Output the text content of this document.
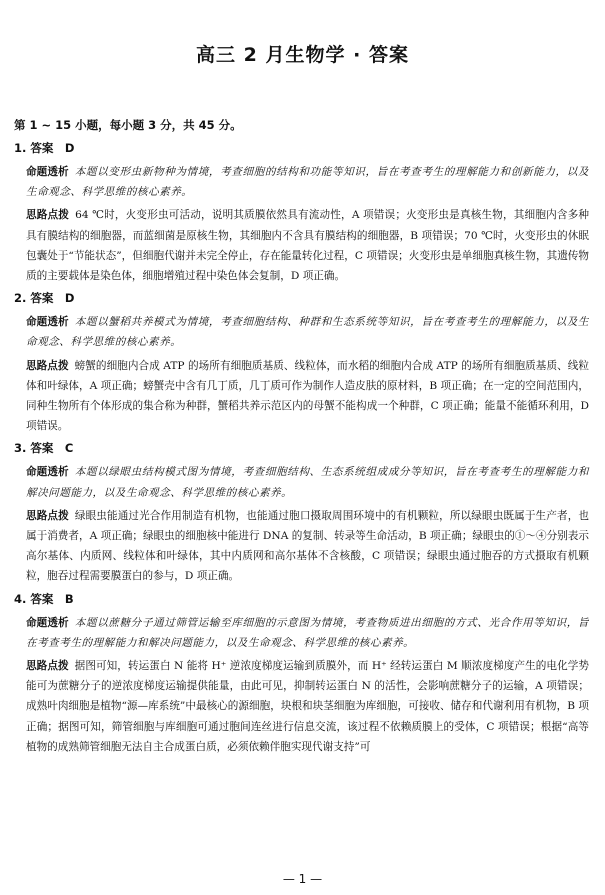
高三 2 月生物学 · 答案
第 1 ~ 15 小题，每小题 3 分，共 45 分。
1. 答案　D

命题透析 本题以变形虫新物种为情境，考查细胞的结构和功能等知识，旨在考查考生的理解能力和创新能力，以及生命观念、科学思维的核心素养。

思路点拨 64 ℃时，火变形虫可活动，说明其质膜依然具有流动性，A 项错误；火变形虫是真核生物，其细胞内含多种具有膜结构的细胞器，而蓝细菌是原核生物，其细胞内不含具有膜结构的细胞器，B 项错误；70 ℃时，火变形虫的休眠包囊处于“节能状态”，但细胞代谢并未完全停止，存在能量转化过程，C 项错误；火变形虫是单细胞真核生物，其遗传物质的主要载体是染色体，细胞增殖过程中染色体会复制，D 项正确。

2. 答案　D

命题透析 本题以蟹稻共养模式为情境，考查细胞结构、种群和生态系统等知识，旨在考查考生的理解能力，以及生命观念、科学思维的核心素养。

思路点拨 螃蟹的细胞内合成 ATP 的场所有细胞质基质、线粒体，而水稻的细胞内合成 ATP 的场所有细胞质基质、线粒体和叶绿体，A 项正确；螃蟹壳中含有几丁质，几丁质可作为制作人造皮肤的原材料，B 项正确；在一定的空间范围内，同种生物所有个体形成的集合称为种群，蟹稻共养示范区内的母蟹不能构成一个种群，C 项正确；能量不能循环利用，D 项错误。

3. 答案　C

命题透析 本题以绿眼虫结构模式图为情境，考查细胞结构、生态系统组成成分等知识，旨在考查考生的理解能力和解决问题能力，以及生命观念、科学思维的核心素养。

思路点拨 绿眼虫能通过光合作用制造有机物，也能通过胞口摄取周围环境中的有机颗粒，所以绿眼虫既属于生产者，也属于消费者，A 项正确；绿眼虫的细胞核中能进行 DNA 的复制、转录等生命活动，B 项正确；绿眼虫的①～④分别表示高尔基体、内质网、线粒体和叶绿体，其中内质网和高尔基体不含核酸，C 项错误；绿眼虫通过胞吞的方式摄取有机颗粒，胞吞过程需要膜蛋白的参与，D 项正确。

4. 答案　B

命题透析 本题以蔗糖分子通过筛管运输至库细胞的示意图为情境，考查物质进出细胞的方式、光合作用等知识，旨在考查考生的理解能力和解决问题能力，以及生命观念、科学思维的核心素养。

思路点拨 据图可知，转运蛋白 N 能将 H⁺ 逆浓度梯度运输到质膜外，而 H⁺ 经转运蛋白 M 顺浓度梯度产生的电化学势能可为蔗糖分子的逆浓度梯度运输提供能量，由此可见，抑制转运蛋白 N 的活性，会影响蔗糖分子的运输，A 项错误；成熟叶肉细胞是植物“源—库系统”中最核心的源细胞，块根和块茎细胞为库细胞，可接收、储存和代谢利用有机物，B 项正确；据图可知，筛管细胞与库细胞可通过胞间连丝进行信息交流，该过程不依赖质膜上的受体，C 项错误；根据“高等植物的成熟筛管细胞无法自主合成蛋白质，必须依赖伴胞实现代谢支持”可

— 1 —
